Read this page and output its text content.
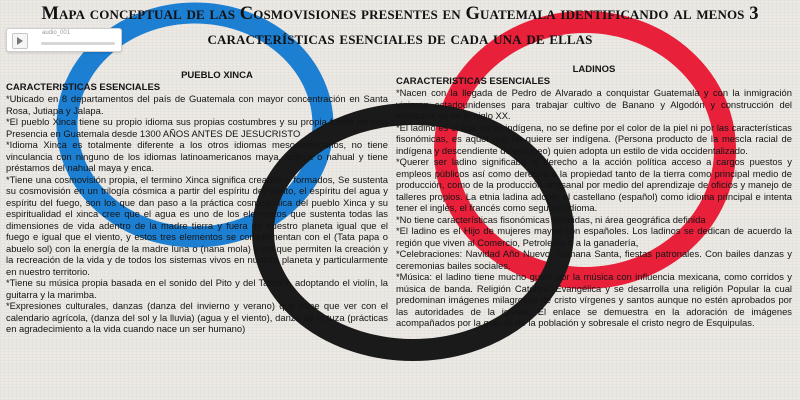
Mapa conceptual de las Cosmovisiones presentes en Guatemala identificando al menos 3
características esenciales de cada una de ellas
audio_001
PUEBLO XINCA
CARACTERISTICAS ESENCIALES

*Ubicado en 8 departamentos del país de Guatemala con mayor concentración en Santa Rosa, Jutiapa y Jalapa.

*El pueblo Xinca tiene su propio idioma sus propias costumbres y su propia forma de vida Presencia en Guatemala desde 1300 AÑOS ANTES DE JESUCRISTO

*Idioma Xinca es totalmente diferente a los otros idiomas mesoamericanos, no tiene vinculancia con ninguno de los idiomas latinoamericanos maya, azteca o nahual y tiene préstamos del nahual maya y enca.

*Tiene una cosmovisión propia, el termino Xinca significa creados o formados, Se sustenta su cosmovisión en un trilogía cósmica a partir del espíritu del viento, el espíritu del agua y espíritu del fuego, son los que dan paso a la práctica cosmogónica del pueblo Xinca y su espiritualidad el xinca cree que el agua es uno de los elementos que sustenta todas las dimensiones de vida adentro de la madre tierra y fuera de nuestro planeta igual que el fuego e igual que el viento, y estos tres elementos se complementan con el (Tata papa o abuelo sol) con la energía de la madre luna o (nana mola) y los que permiten la creación y la recreación de la vida y de todos los sistemas vivos en nuestro planeta y particularmente en nuestro territorio.

*Tiene su música propia basada en el sonido del Pito y del Tambor, adoptando el violín, la guitarra y la marimba.

*Expresiones culturales, danzas (danza del invierno y verano) que tiene que ver con el calendario agrícola, (danza del sol y la lluvia) (agua y el viento), danza de la tuza (prácticas en agradecimiento a la vida cuando nace un ser humano)

LADINOS
CARACTERISTICAS ESENCIALES

*Nacen con la llegada de Pedro de Alvarado a conquistar Guatemala y con la inmigración vinieron estadounidenses para trabajar cultivo de Banano y Algodón y construcción del ferrocarril ya en el siglo XX.

*El ladino es el que no es indígena, no se define por el color de la piel ni por las características fisonómicas, es aquel que no quiere ser indígena. (Persona producto de la mescla racial de indígena y descendiente de europeo) quien adopta un estilo de vida occidentalizado.

*Querer ser ladino significaba el derecho a la acción política acceso a cargos puestos y empleos públicos así como derecho a la propiedad tanto de la tierra como principal medio de producción, como de la producción artesanal por medio del aprendizaje de oficios y manejo de talleres propios. La etnia ladina adopto el castellano (español) como idioma principal e intenta tener el inglés, el francés como segundo idioma.

*No tiene características fisonómicas definidas, ni área geográfica definida

*El ladino es el Hijo de mujeres mayas con españoles. Los ladinos se dedican de acuerdo la región que viven al Comercio, Petroleros o a la ganadería,

*Celebraciones: Navidad Año Nuevo, Semana Santa, fiestas patronales. Con bailes danzas y ceremonias bailes sociales.

*Música: el ladino tiene mucho gusto por la música con influencia mexicana, como corridos y música de banda. Religión Católica, Evangélica y se desarrolla una religión Popular la cual predominan imágenes milagrosas de cristo vírgenes y santos aunque no estén aprobados por las autoridades de la iglesia. El enlace se demuestra en la adoración de imágenes acompañados por la gran fe de la población y sobresale el cristo negro de Esquipulas.
